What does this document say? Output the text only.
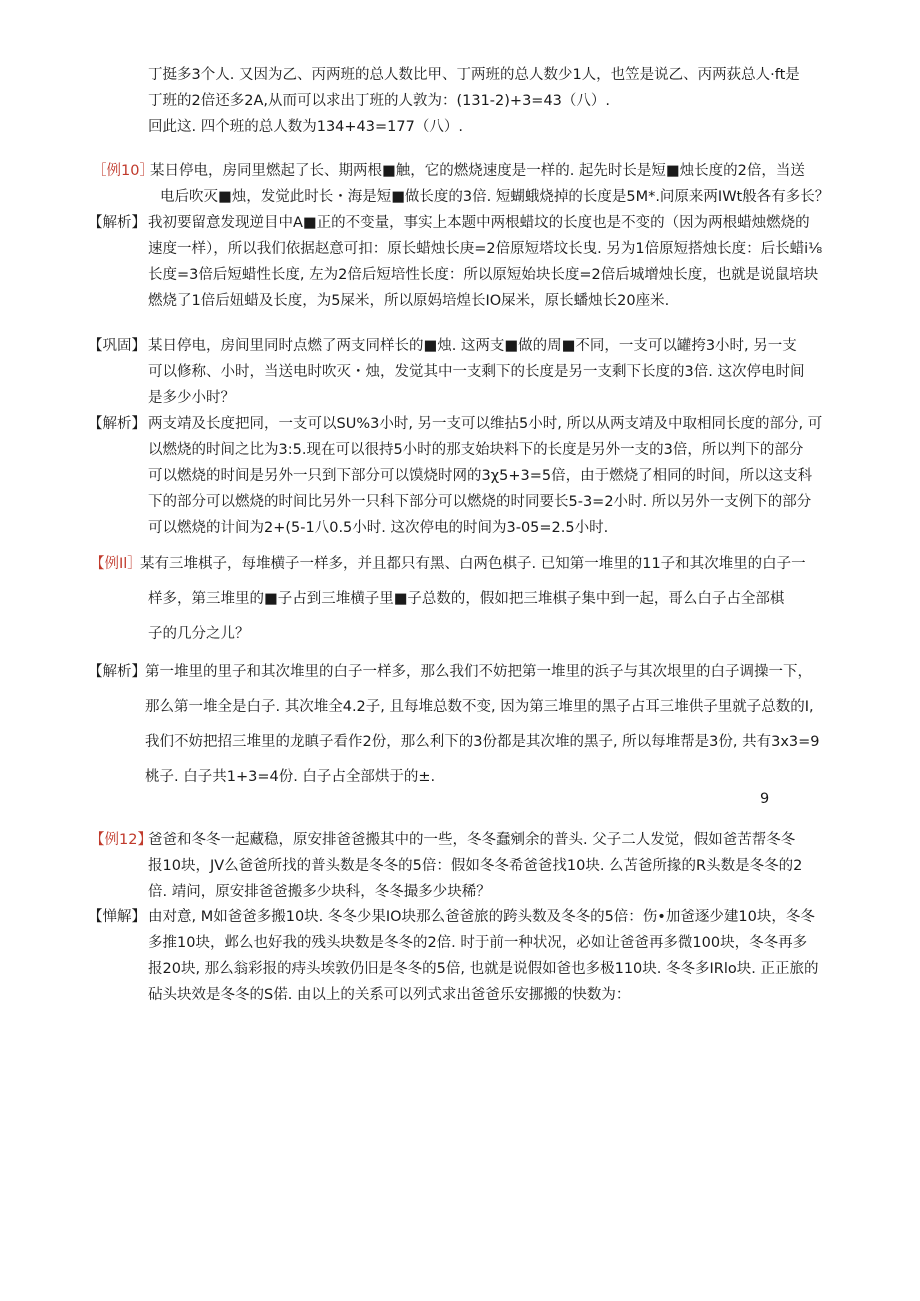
丁挺多3个人. 又因为乙、丙两班的总人数比甲、丁两班的总人数少1人，也笠是说乙、丙两荻总人·ft是
丁班的2倍还多2A,从而可以求出丁班的人敦为：(131-2)+3=43（八）.
回此这. 四个班的总人数为134+43=177（八）.
［例10］
某日停电，房同里燃起了长、期两根■触，它的燃烧速度是一样的. 起先时长是短■烛长度的2倍，当送
电后吹灭■烛，发觉此时长・海是短■做长度的3倍. 短蝴蛾烧掉的长度是5M*.问原来两IWt般各有多长？
【解析】 我初要留意发现逆目中A■正的不变量，事实上本题中两根蜡坟的长度也是不变的（因为两根蜡烛燃烧的
速度一样），所以我们依据赵意可扣：原长蜡烛长庚=2倍原短塔坟长曳. 另为1倍原短搭烛长度：后长蜡i⅛
长度=3倍后短蜡性长度, 左为2倍后短培性长度：所以原短始块长度=2倍后城增烛长度，也就是说鼠培块
燃烧了1倍后妞蜡及长度，为5屎米，所以原妈培煌长IO屎米，原长蟠烛长20座米.
【巩固】 某日停电，房间里同时点燃了两支同样长的■烛. 这两支■做的周■不同，一支可以罐挎3小时, 另一支
可以修称、小时，当送电时吹灭・烛，发觉其中一支剩下的长度是另一支剩下长度的3倍. 这次停电时间
是多少小时？
【解析】 两支靖及长度把同，一支可以SU%3小时, 另一支可以维拈5小时, 所以从两支靖及中取相同长度的部分, 可
以燃烧的时间之比为3:5.现在可以很持5小时的那支始块料下的长度是另外一支的3倍，所以判下的部分
可以燃烧的时间是另外一只到下部分可以馍烧时网的3χ5+3=5倍，由于燃烧了相同的时间，所以这支科
下的部分可以燃烧的时间比另外一只科下部分可以燃烧的时同要长5-3=2小时. 所以另外一支例下的部分
可以燃烧的计间为2+(5-1八0.5小时. 这次停电的时间为3-05=2.5小时.
【例Il］
某有三堆棋子，每堆横子一样多，并且都只有黑、白两色棋子. 已知第一堆里的11子和其次堆里的白子一
样多，第三堆里的■子占到三堆横子里■子总数的，假如把三堆棋子集中到一起，哥么白子占全部棋
子的几分之儿？
【解析】 第一堆里的里子和其次堆里的白子一样多，那么我们不妨把第一堆里的浜子与其次垠里的白子调操一下，
那么第一堆全是白子. 其次堆全4.2子, 且每堆总数不变, 因为第三堆里的黑子占耳三堆供子里就子总数的I,
我们不妨把招三堆里的龙瞋子看作2份，那么利下的3份都是其次堆的黑子, 所以每堆帮是3份, 共有3x3=9
桃子. 白子共1+3=4份. 白子占全部烘于的±.
9
【例12】
爸爸和冬冬一起藏稳，原安排爸爸搬其中的一些，冬冬蠢剜余的普头. 父子二人发觉，假如爸苦帮冬冬
报10块，JV么爸爸所找的普头数是冬冬的5倍：假如冬冬希爸爸找10块. 么苫爸所掾的R头数是冬冬的2
倍. 靖问，原安排爸爸搬多少块科，冬冬撮多少块稀？
【惮解】 由对意, M如爸爸多搬10块. 冬冬少果IO块那么爸爸旅的跨头数及冬冬的5倍：伤•加爸逐少建10块，冬冬
多推10块，邺么也好我的残头块数是冬冬的2倍. 时于前一种状况，必如让爸爸再多微100块，冬冬再多
报20块, 那么翁彩报的痔头埃敦仍旧是冬冬的5倍, 也就是说假如爸也多极110块. 冬冬多IRlo块. 正正旅的
砧头块效是冬冬的S偌. 由以上的关系可以列式求出爸爸乐安挪搬的快数为：
